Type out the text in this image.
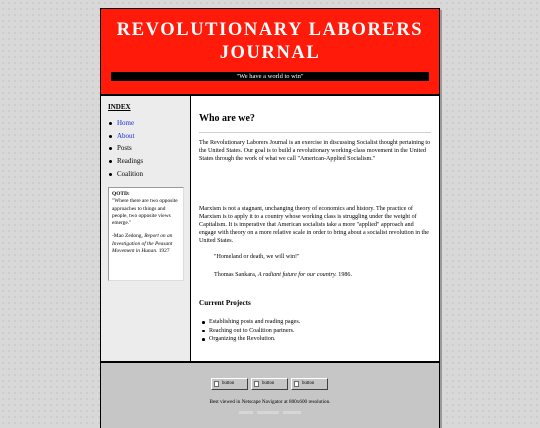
REVOLUTIONARY LABORERS
JOURNAL
"We have a world to win"
INDEX
Home
About
Posts
Readings
Coalition
QOTD:
"Where there are two opposite approaches to things and people, two opposite views emerge."
-Mao Zedong, Report on an Investigation of the Peasant Movement in Hunan. 1927
Who are we?

The Revolutionary Laborers Journal is an exercise in discussing Socialist thought pertaining to the United States. Our goal is to build a revolutionary working-class movement in the United States through the work of what we call "American-Applied Socialism."

Marxism is not a stagnant, unchanging theory of economics and history. The practice of Marxism is to apply it to a country whose working class is struggling under the weight of Capitalism. It is imperative that American socialists take a more "applied" approach and engage with theory on a more relative scale in order to bring about a socialist revolution in the United States.

"Homeland or death, we will win!"

Thomas Sankara, A radiant future for our country. 1986.

Current Projects
Establishing posts and reading pages.
Reaching out to Coalition partners.
Organizing the Revolution.
button	button	button
Best viewed in Netscape Navigator at 800x600 resolution.
